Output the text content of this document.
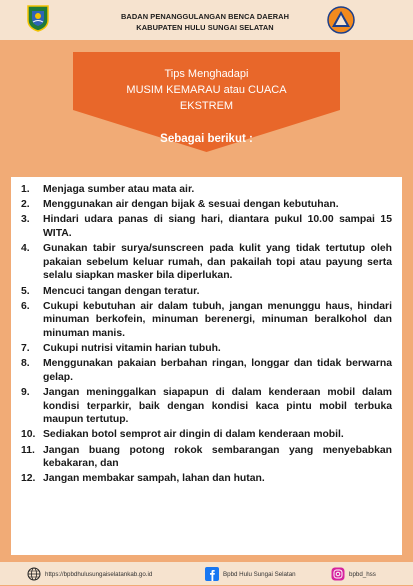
BADAN PENANGGULANGAN BENCA DAERAH
KABUPATEN HULU SUNGAI SELATAN
Tips Menghadapi
MUSIM KEMARAU atau CUACA
EKSTREM
Sebagai berikut :
1.	Menjaga sumber atau mata air.
2.	Menggunakan air dengan bijak & sesuai dengan kebutuhan.
3.	Hindari udara panas di siang hari, diantara pukul 10.00 sampai 15 WITA.
4.	Gunakan tabir surya/sunscreen pada kulit yang tidak tertutup oleh pakaian sebelum keluar rumah, dan pakailah topi atau payung serta selalu siapkan masker bila diperlukan.
5.	Mencuci tangan dengan teratur.
6.	Cukupi kebutuhan air dalam tubuh, jangan menunggu haus, hindari minuman berkofein, minuman berenergi, minuman beralkohol dan minuman manis.
7.	Cukupi nutrisi vitamin harian tubuh.
8.	Menggunakan pakaian berbahan ringan, longgar dan tidak berwarna gelap.
9.	Jangan meninggalkan siapapun di dalam kenderaan mobil dalam kondisi terparkir, baik dengan kondisi kaca pintu mobil terbuka maupun tertutup.
10. Sediakan botol semprot air dingin di dalam kenderaan mobil.
11. Jangan buang potong rokok sembarangan yang menyebabkan kebakaran, dan
12. Jangan membakar sampah, lahan dan hutan.
https://bpbdhulusungaiselatankab.go.id	Bpbd Hulu Sungai Selatan	bpbd_hss
